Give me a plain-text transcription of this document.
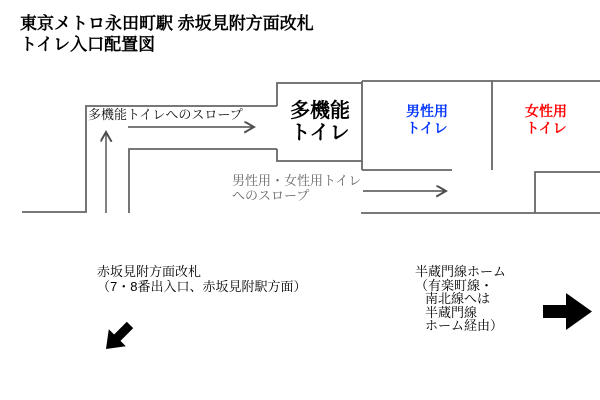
東京メトロ永田町駅 赤坂見附方面改札
トイレ入口配置図
多機能トイレへのスロープ 多機能
トイレ
男性用
トイレ
女性用
トイレ
男性用・女性用トイレ
へのスロープ
赤坂見附方面改札
（7・8番出入口、赤坂見附駅方面）
半蔵門線ホーム
（有楽町線・
南北線へは
半蔵門線
ホーム経由）
